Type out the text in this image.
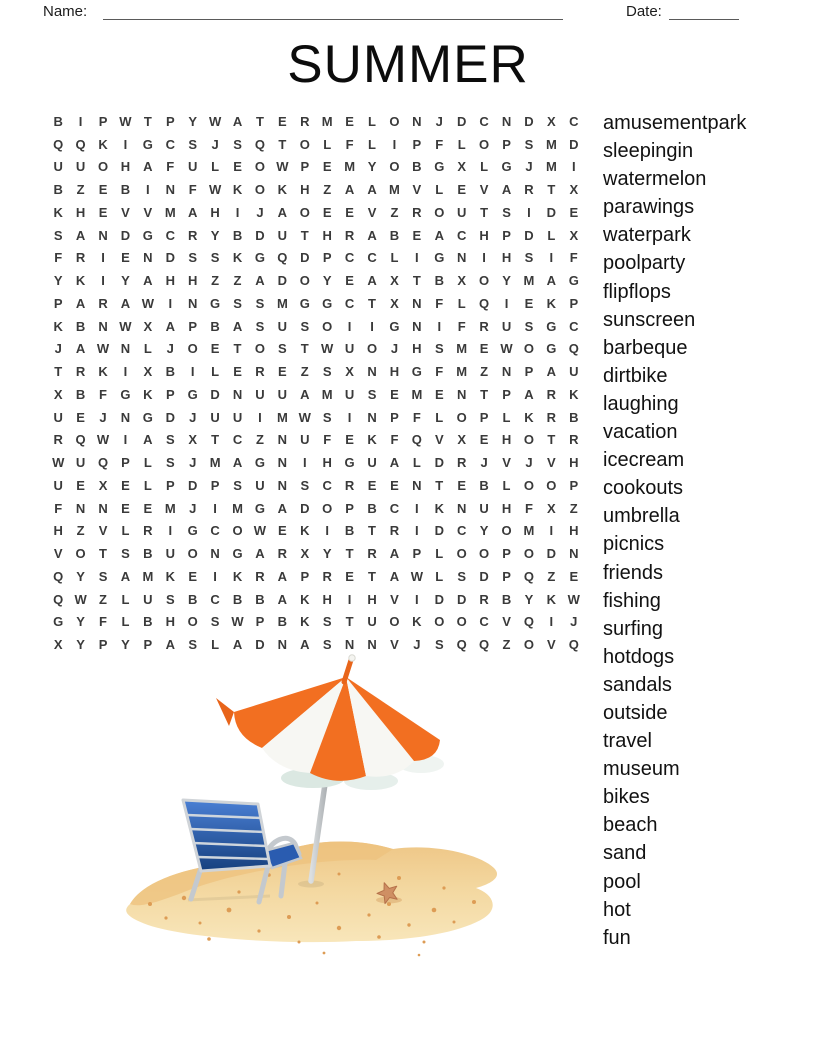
Name:	Date:
SUMMER
B	I	P W T	P	Y W A	T	E	R M E	L	O N	J	D	C	N	D	X	C
Q Q K	I	G C	S	J	S	Q	T	O	L	F	L	I	P	F	L	O	P	S M D
U	U O H	A	F	U	L	E	O W P	E M Y	O B G	X	L	G	J	M	I
B	Z	E	B	I	N	F W K O K	H	Z	A	A M V	L	E	V	A	R	T	X
K	H	E	V	V M A	H	I	J	A O	E	E	V	Z	R O U	T	S	I	D	E
S	A	N	D G C	R	Y	B	D	U	T	H	R	A	B	E	A	C	H	P	D	L	X
F	R	I	E	N	D	S	S	K G Q D	P	C	C	L	I	G N	I	H	S	I	F
Y	K	I	Y	A	H	H	Z	Z	A	D O	Y	E	A	X	T	B	X	O	Y M A G
P	A	R	A W	I	N G	S	S M G G C	T	X	N	F	L	Q	I	E	K	P
K	B	N W X	A	P	B	A	S	U	S	O	I	I	G N	I	F	R	U	S	G C
J	A W N	L	J	O	E	T	O	S	T W U O	J	H	S M E W O G Q
T	R	K	I	X	B	I	L	E	R	E	Z	S	X	N	H G	F	M	Z	N	P	A	U
X	B	F	G K	P	G D	N	U	U	A M U	S	E M E	N	T	P	A	R	K
U	E	J	N G D	J	U	U	I	M W S	I	N	P	F	L	O	P	L	K	R	B
R Q W	I	A	S	X	T	C	Z	N	U	F	E	K	F	Q	V	X	E	H O	T	R
W U Q	P	L	S	J	M A G N	I	H G U	A	L	D	R	J	V	J	V	H
U	E	X	E	L	P	D	P	S	U	N	S	C	R	E	E	N	T	E	B	L	O O	P
F	N	N	E	E M	J	I	M G A	D O	P	B	C	I	K	N	U	H	F	X	Z
H	Z	V	L	R	I	G C O W E	K	I	B	T	R	I	D	C	Y	O M	I	H
V	O	T	S	B	U O N G A	R	X	Y	T	R	A	P	L	O O	P	O D	N
Q	Y	S	A M K	E	I	K	R	A	P	R	E	T	A W L	S	D	P	Q	Z	E
Q W Z	L	U	S	B	C	B	B	A	K	H	I	H	V	I	D	D	R	B	Y	K W
G	Y	F	L	B	H O	S W P	B	K	S	T	U O K O O C	V	Q	I	J
X	Y	P	Y	P	A	S	L	A	D	N	A	S	N	N	V	J	S	Q Q	Z	O	V	Q
amusementpark
sleepingin
watermelon
parawings
waterpark
poolparty
flipflops
sunscreen
barbeque
dirtbike
laughing
vacation
icecream
cookouts
umbrella
picnics
friends
fishing
surfing
hotdogs
sandals
outside
travel
museum
bikes
beach
sand
pool
hot
fun
